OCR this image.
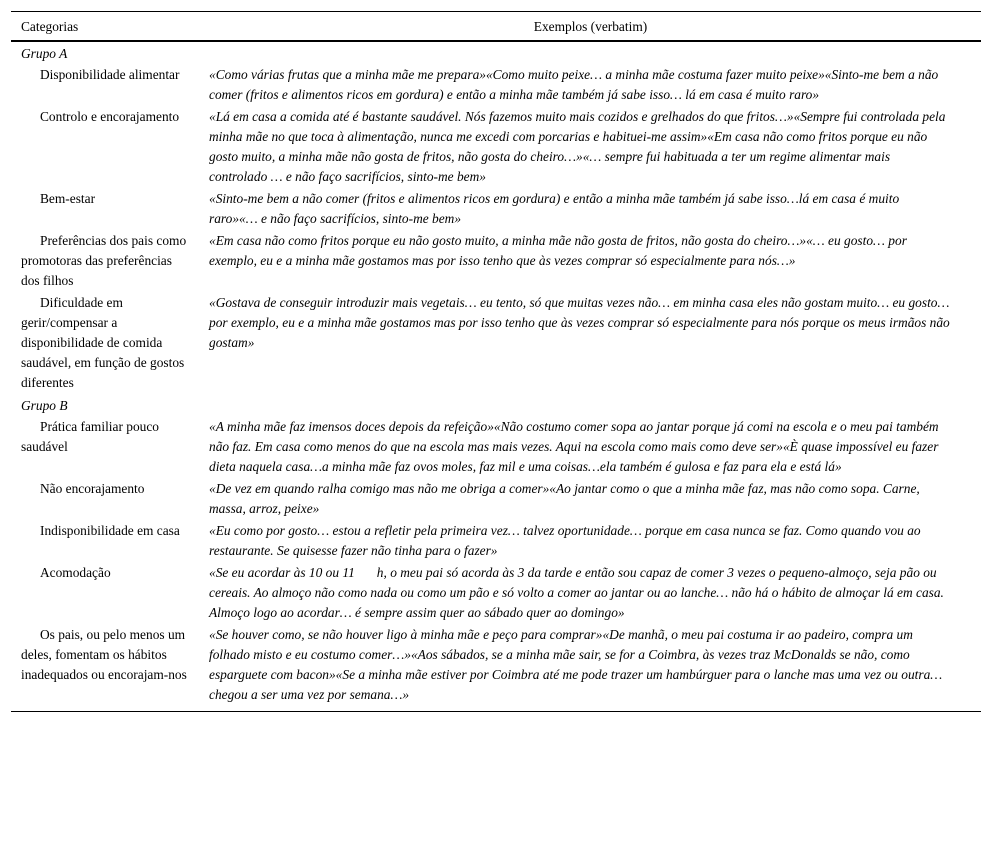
Categorias	Exemplos (verbatim)
Grupo A	
Disponibilidade alimentar	«Como várias frutas que a minha mãe me prepara»«Como muito peixe… a minha mãe costuma fazer muito peixe»«Sinto-me bem a não comer (fritos e alimentos ricos em gordura) e então a minha mãe também já sabe isso… lá em casa é muito raro»
Controlo e encorajamento	«Lá em casa a comida até é bastante saudável. Nós fazemos muito mais cozidos e grelhados do que fritos…»«Sempre fui controlada pela minha mãe no que toca à alimentação, nunca me excedi com porcarias e habituei-me assim»«Em casa não como fritos porque eu não gosto muito, a minha mãe não gosta de fritos, não gosta do cheiro…»«… sempre fui habituada a ter um regime alimentar mais controlado … e não faço sacrifícios, sinto-me bem»
Bem-estar	«Sinto-me bem a não comer (fritos e alimentos ricos em gordura) e então a minha mãe também já sabe isso…lá em casa é muito raro»«… e não faço sacrifícios, sinto-me bem»
Preferências dos pais como promotoras das preferências dos filhos	«Em casa não como fritos porque eu não gosto muito, a minha mãe não gosta de fritos, não gosta do cheiro…»«… eu gosto… por exemplo, eu e a minha mãe gostamos mas por isso tenho que às vezes comprar só especialmente para nós…»
Dificuldade em gerir/compensar a disponibilidade de comida saudável, em função de gostos diferentes	«Gostava de conseguir introduzir mais vegetais… eu tento, só que muitas vezes não… em minha casa eles não gostam muito… eu gosto… por exemplo, eu e a minha mãe gostamos mas por isso tenho que às vezes comprar só especialmente para nós porque os meus irmãos não gostam»
Grupo B	
Prática familiar pouco saudável	«A minha mãe faz imensos doces depois da refeição»«Não costumo comer sopa ao jantar porque já comi na escola e o meu pai também não faz. Em casa como menos do que na escola mas mais vezes. Aqui na escola como mais como deve ser»«È quase impossível eu fazer dieta naquela casa…a minha mãe faz ovos moles, faz mil e uma coisas…ela também é gulosa e faz para ela e está lá»
Não encorajamento	«De vez em quando ralha comigo mas não me obriga a comer»«Ao jantar como o que a minha mãe faz, mas não como sopa. Carne, massa, arroz, peixe»
Indisponibilidade em casa	«Eu como por gosto… estou a refletir pela primeira vez… talvez oportunidade… porque em casa nunca se faz. Como quando vou ao restaurante. Se quisesse fazer não tinha para o fazer»
Acomodação	«Se eu acordar às 10 ou 11 h, o meu pai só acorda às 3 da tarde e então sou capaz de comer 3 vezes o pequeno-almoço, seja pão ou cereais. Ao almoço não como nada ou como um pão e só volto a comer ao jantar ou ao lanche… não há o hábito de almoçar lá em casa. Almoço logo ao acordar… é sempre assim quer ao sábado quer ao domingo»
Os pais, ou pelo menos um deles, fomentam os hábitos inadequados ou encorajam-nos	«Se houver como, se não houver ligo à minha mãe e peço para comprar»«De manhã, o meu pai costuma ir ao padeiro, compra um folhado misto e eu costumo comer…»«Aos sábados, se a minha mãe sair, se for a Coimbra, às vezes traz McDonalds se não, como esparguete com bacon»«Se a minha mãe estiver por Coimbra até me pode trazer um hambúrguer para o lanche mas uma vez ou outra… chegou a ser uma vez por semana…»
